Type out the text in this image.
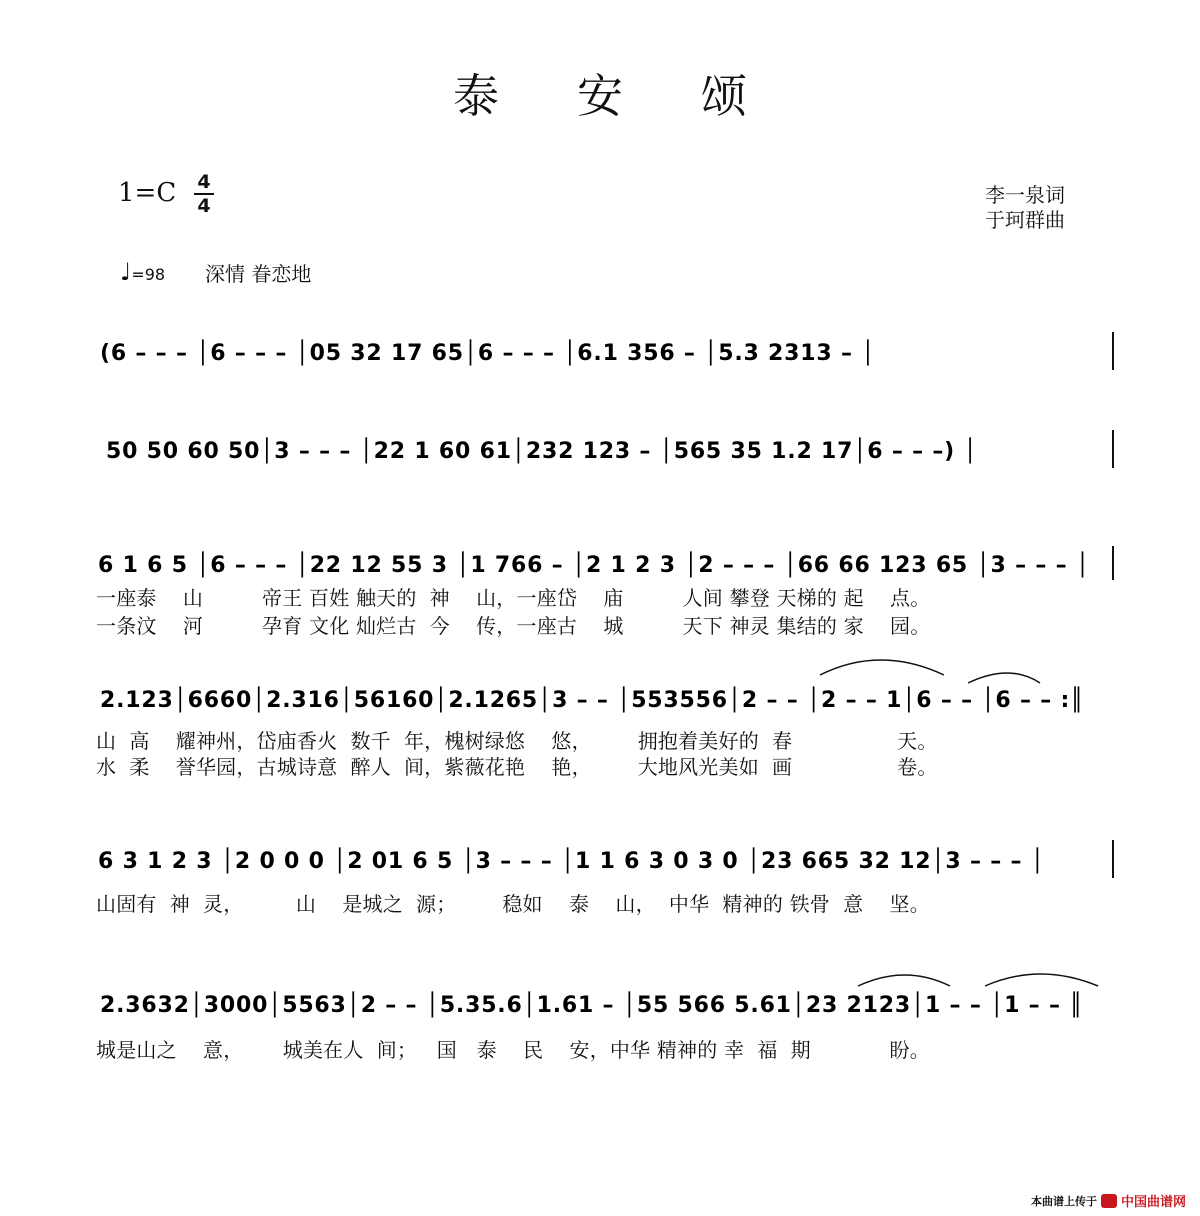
泰安颂
1=C 4
4	李一泉词
于珂群曲
♩=98 深情 眷恋地
(6 – – – │6 – – – │05 32 17 65│6 – – – │6.1 356 – │5.3 2313 – │
50 50 60 50│3 – – – │22 1 60 61│232 123 – │565 35 1.2 17│6 – – –) │
6 1 6 5 │6 – – – │22 12 55 3 │1 766 – │2 1 2 3 │2 – – – │66 66 123 65 │3 – – – │
一座泰    山         帝王 百姓 触天的  神    山，一座岱    庙         人间 攀登 天梯的 起    点。
一条汶    河         孕育 文化 灿烂古  今    传，一座古    城         天下 神灵 集结的 家    园。
2.123│6660│2.316│56160│2.1265│3 – – │553556│2 – – │2 – – 1│6 – – │6 – – :║
山  高    耀神州，岱庙香火  数千  年，槐树绿悠    悠，       拥抱着美好的  春                天。
水  柔    誉华园，古城诗意  醉人  间，紫薇花艳    艳，       大地风光美如  画                卷。
6 3 1 2 3 │2 0 0 0 │2 01 6 5 │3 – – – │1 1 6 3 0 3 0 │23 665 32 12│3 – – – │
山固有  神  灵，        山    是城之  源；       稳如    泰    山，  中华  精神的 铁骨  意    坚。
2.3632│3000│5563│2 – – │5.35.6│1.61 – │55 566 5.61│23 2123│1 – – │1 – – ║
城是山之    意，      城美在人  间；   国   泰    民    安，中华 精神的 幸  福  期            盼。
本曲谱上传于 中国曲谱网
